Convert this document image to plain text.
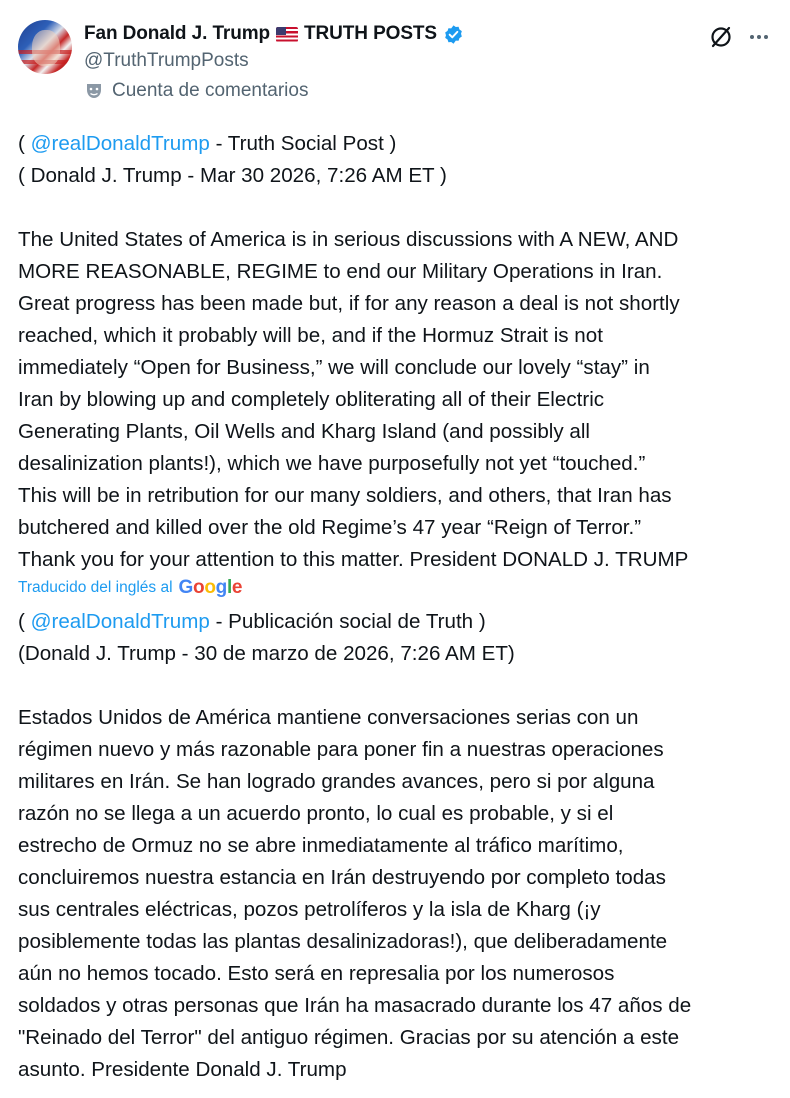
Fan Donald J. Trump TRUTH POSTS
@TruthTrumpPosts
Cuenta de comentarios
( @realDonaldTrump - Truth Social Post )
( Donald J. Trump - Mar 30 2026, 7:26 AM ET )
The United States of America is in serious discussions with A NEW, AND
MORE REASONABLE, REGIME to end our Military Operations in Iran.
Great progress has been made but, if for any reason a deal is not shortly
reached, which it probably will be, and if the Hormuz Strait is not
immediately “Open for Business,” we will conclude our lovely “stay” in
Iran by blowing up and completely obliterating all of their Electric
Generating Plants, Oil Wells and Kharg Island (and possibly all
desalinization plants!), which we have purposefully not yet “touched.”
This will be in retribution for our many soldiers, and others, that Iran has
butchered and killed over the old Regime’s 47 year “Reign of Terror.”
Thank you for your attention to this matter. President DONALD J. TRUMP
Traducido del inglés al Google
( @realDonaldTrump - Publicación social de Truth )
(Donald J. Trump - 30 de marzo de 2026, 7:26 AM ET)
Estados Unidos de América mantiene conversaciones serias con un
régimen nuevo y más razonable para poner fin a nuestras operaciones
militares en Irán. Se han logrado grandes avances, pero si por alguna
razón no se llega a un acuerdo pronto, lo cual es probable, y si el
estrecho de Ormuz no se abre inmediatamente al tráfico marítimo,
concluiremos nuestra estancia en Irán destruyendo por completo todas
sus centrales eléctricas, pozos petrolíferos y la isla de Kharg (¡y
posiblemente todas las plantas desalinizadoras!), que deliberadamente
aún no hemos tocado. Esto será en represalia por los numerosos
soldados y otras personas que Irán ha masacrado durante los 47 años de
"Reinado del Terror" del antiguo régimen. Gracias por su atención a este
asunto. Presidente Donald J. Trump
